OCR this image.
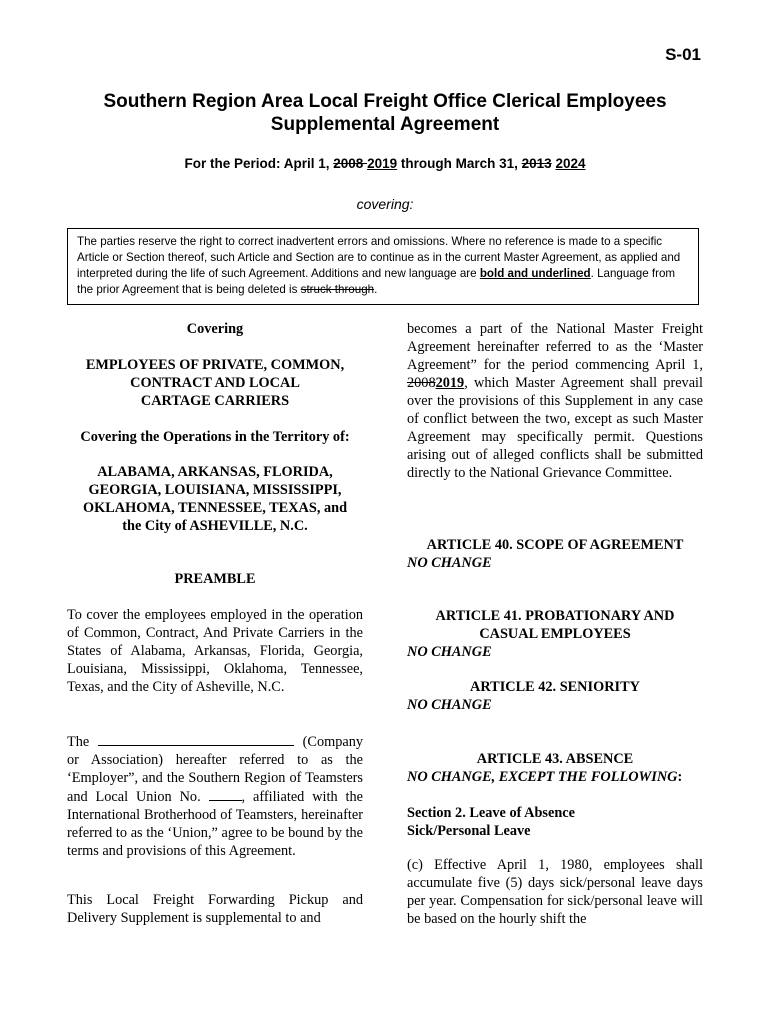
S-01
Southern Region Area Local Freight Office Clerical Employees
Supplemental Agreement
For the Period: April 1, 2008 2019 through March 31, 2013 2024
covering:
The parties reserve the right to correct inadvertent errors and omissions. Where no reference is made to a specific Article or Section thereof, such Article and Section are to continue as in the current Master Agreement, as applied and interpreted during the life of such Agreement. Additions and new language are bold and underlined. Language from the prior Agreement that is being deleted is struck through.
Covering
EMPLOYEES OF PRIVATE, COMMON,
CONTRACT AND LOCAL
CARTAGE CARRIERS
Covering the Operations in the Territory of:
ALABAMA, ARKANSAS, FLORIDA,
GEORGIA, LOUISIANA, MISSISSIPPI,
OKLAHOMA, TENNESSEE, TEXAS, and
the City of ASHEVILLE, N.C.
PREAMBLE

To cover the employees employed in the operation of Common, Contract, And Private Carriers in the States of Alabama, Arkansas, Florida, Georgia, Louisiana, Mississippi, Oklahoma, Tennessee, Texas, and the City of Asheville, N.C.

The	(Company or Association) hereafter referred to as the ‘Employer”, and the Southern Region of Teamsters and Local Union No.	, affiliated with the International Brotherhood of Teamsters, hereinafter referred to as the ‘Union,” agree to be bound by the terms and provisions of this Agreement.

This Local Freight Forwarding Pickup and Delivery Supplement is supplemental to and

becomes a part of the National Master Freight Agreement hereinafter referred to as the ‘Master Agreement” for the period commencing April 1, 20082019, which Master Agreement shall prevail over the provisions of this Supplement in any case of conflict between the two, except as such Master Agreement may specifically permit. Questions arising out of alleged conflicts shall be submitted directly to the National Grievance Committee.

ARTICLE 40. SCOPE OF AGREEMENT
NO CHANGE
ARTICLE 41. PROBATIONARY AND
CASUAL EMPLOYEES
NO CHANGE
ARTICLE 42. SENIORITY
NO CHANGE
ARTICLE 43. ABSENCE
NO CHANGE, EXCEPT THE FOLLOWING:
Section 2. Leave of Absence
Sick/Personal Leave

(c) Effective April 1, 1980, employees shall accumulate five (5) days sick/personal leave days per year. Compensation for sick/personal leave will be based on the hourly shift the
